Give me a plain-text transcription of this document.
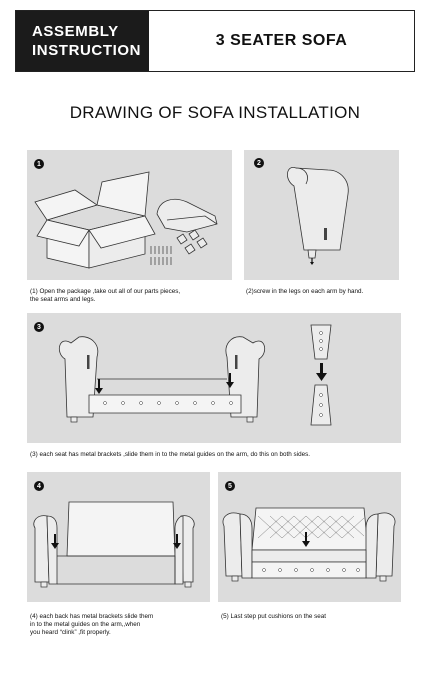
ASSEMBLY
INSTRUCTION
3 SEATER SOFA
DRAWING OF SOFA INSTALLATION
1
(1) Open the package ,take out all of our parts pieces,
the seat arms and legs.
2
(2)screw in the legs on each arm by hand.
3
(3) each seat has metal brackets ,slide them in to the metal guides on the arm, do this on both sides.
4
(4) each back has metal brackets slide them
in to the metal guides on the arm,,when
you heard “clink” ,fit properly.
5
(5) Last step put cushions on the seat
